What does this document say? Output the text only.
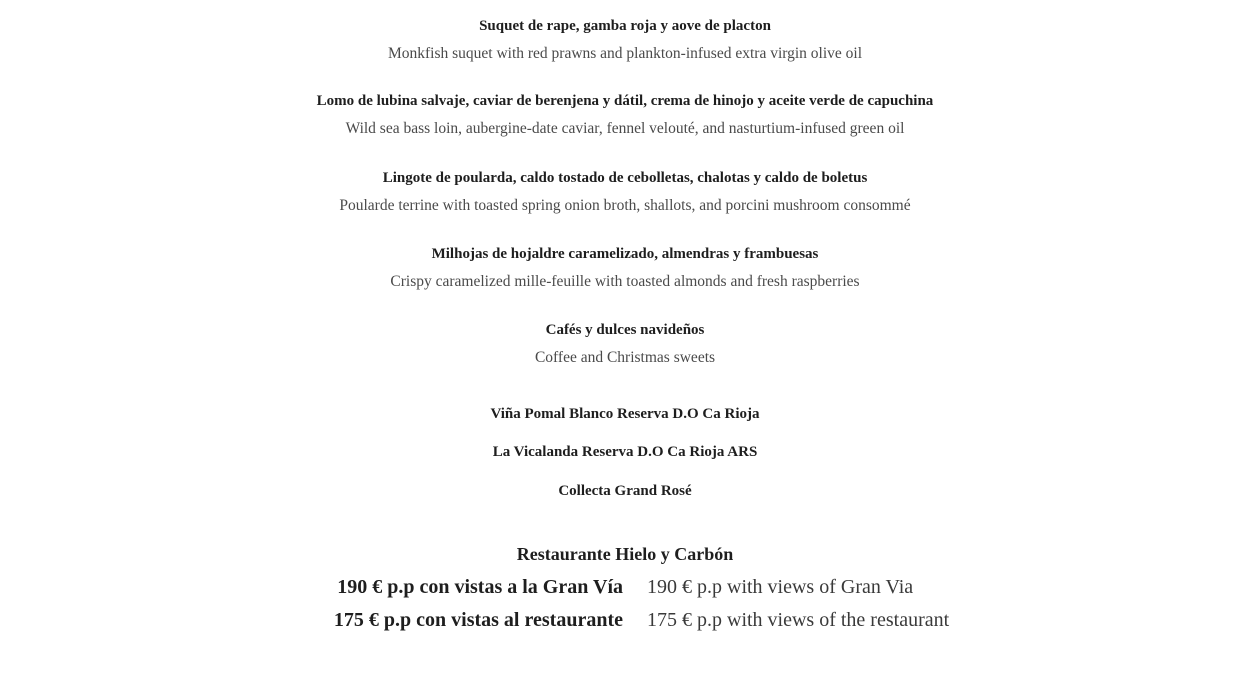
Suquet de rape, gamba roja y aove de placton
Monkfish suquet with red prawns and plankton-infused extra virgin olive oil
Lomo de lubina salvaje, caviar de berenjena y dátil, crema de hinojo y aceite verde de capuchina
Wild sea bass loin, aubergine-date caviar, fennel velouté, and nasturtium-infused green oil
Lingote de poularda, caldo tostado de cebolletas, chalotas y caldo de boletus
Poularde terrine with toasted spring onion broth, shallots, and porcini mushroom consommé
Milhojas de hojaldre caramelizado, almendras y frambuesas
Crispy caramelized mille-feuille with toasted almonds and fresh raspberries
Cafés y dulces navideños
Coffee and Christmas sweets
Viña Pomal Blanco Reserva D.O Ca Rioja
La Vicalanda Reserva D.O Ca Rioja ARS
Collecta Grand Rosé
Restaurante Hielo y Carbón
190 € p.p con vistas a la Gran Vía 190 € p.p with views of Gran Via
175 € p.p con vistas al restaurante 175 € p.p with views of the restaurant
